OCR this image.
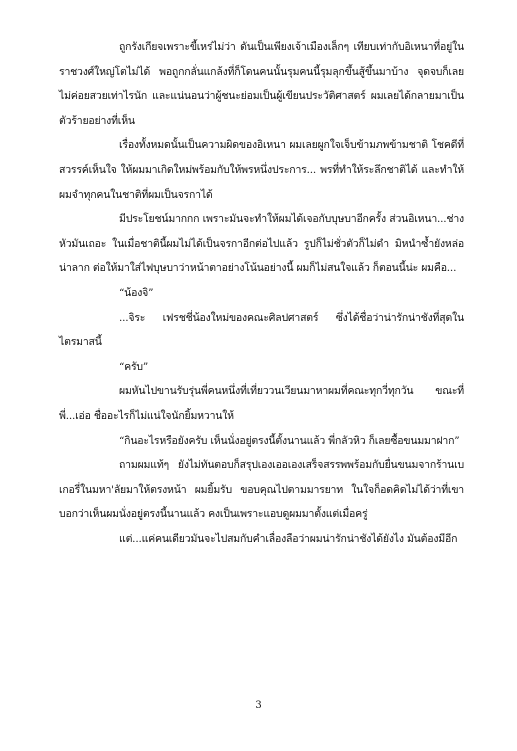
ถูกรังเกียจเพราะขี้เหร่ไม่ว่า ดันเป็นเพียงเจ้าเมืองเล็กๆ เทียบเท่ากับอิเหนาที่อยู่ในราชวงศ์ใหญ่โตไม่ได้ พอถูกกลั่นแกล้งที่ก็โดนคนนั้นรุมคนนี้รุมลุกขึ้นสู้ขึ้นมาบ้าง จุดจบก็เลยไม่ค่อยสวยเท่าไรนัก และแน่นอนว่าผู้ชนะย่อมเป็นผู้เขียนประวัติศาสตร์ ผมเลยได้กลายมาเป็นตัวร้ายอย่างที่เห็น

เรื่องทั้งหมดนั้นเป็นความผิดของอิเหนา ผมเลยผูกใจเจ็บข้ามภพข้ามชาติ โชคดีที่สวรรค์เห็นใจ ให้ผมมาเกิดใหม่พร้อมกับให้พรหนึ่งประการ... พรที่ทำให้ระลึกชาติได้ และทำให้ผมจำทุกคนในชาติที่ผมเป็นจรกาได้

มีประโยชน์มากกก เพราะมันจะทำให้ผมได้เจอกับบุษบาอีกครั้ง ส่วนอิเหนา...ช่างหัวมันเถอะ ในเมื่อชาตินี้ผมไม่ได้เป็นจรกาอีกต่อไปแล้ว รูปก็ไม่ชั่วตัวก็ไม่ดำ มิหนำซ้ำยังหล่อน่าลาก ต่อให้มาใส่ไฟบุษบาว่าหน้าตาอย่างโน้นอย่างนี้ ผมก็ไม่สนใจแล้ว ก็ตอนนี้น่ะ ผมคือ...

“น้องจิ”

...จิระ เฟรชชี่น้องใหม่ของคณะศิลปศาสตร์ ซึ่งได้ชื่อว่าน่ารักน่าชังที่สุดในไตรมาสนี้

“ครับ”

ผมหันไปขานรับรุ่นพี่คนหนึ่งที่เที่ยววนเวียนมาหาผมที่คณะทุกวี่ทุกวัน ขณะที่พี่...เอ่อ ชื่ออะไรก็ไม่แน่ใจนักยิ้มหวานให้

“กินอะไรหรือยังครับ เห็นนั่งอยู่ตรงนี้ตั้งนานแล้ว พี่กลัวหิว ก็เลยซื้อขนมมาฝาก”

ถามผมแท้ๆ ยังไม่ทันตอบก็สรุปเองเออเองเสร็จสรรพพร้อมกับยื่นขนมจากร้านเบเกอรี่ในมหา'ลัยมาให้ตรงหน้า ผมยิ้มรับ ขอบคุณไปตามมารยาท ในใจก็อดคิดไม่ได้ว่าที่เขาบอกว่าเห็นผมนั่งอยู่ตรงนี้นานแล้ว คงเป็นเพราะแอบดูผมมาตั้งแต่เมื่อครู่

แต่...แค่คนเดียวมันจะไปสมกับคำเลื่องลือว่าผมน่ารักน่าชังได้ยังไง มันต้องมีอีก

3
